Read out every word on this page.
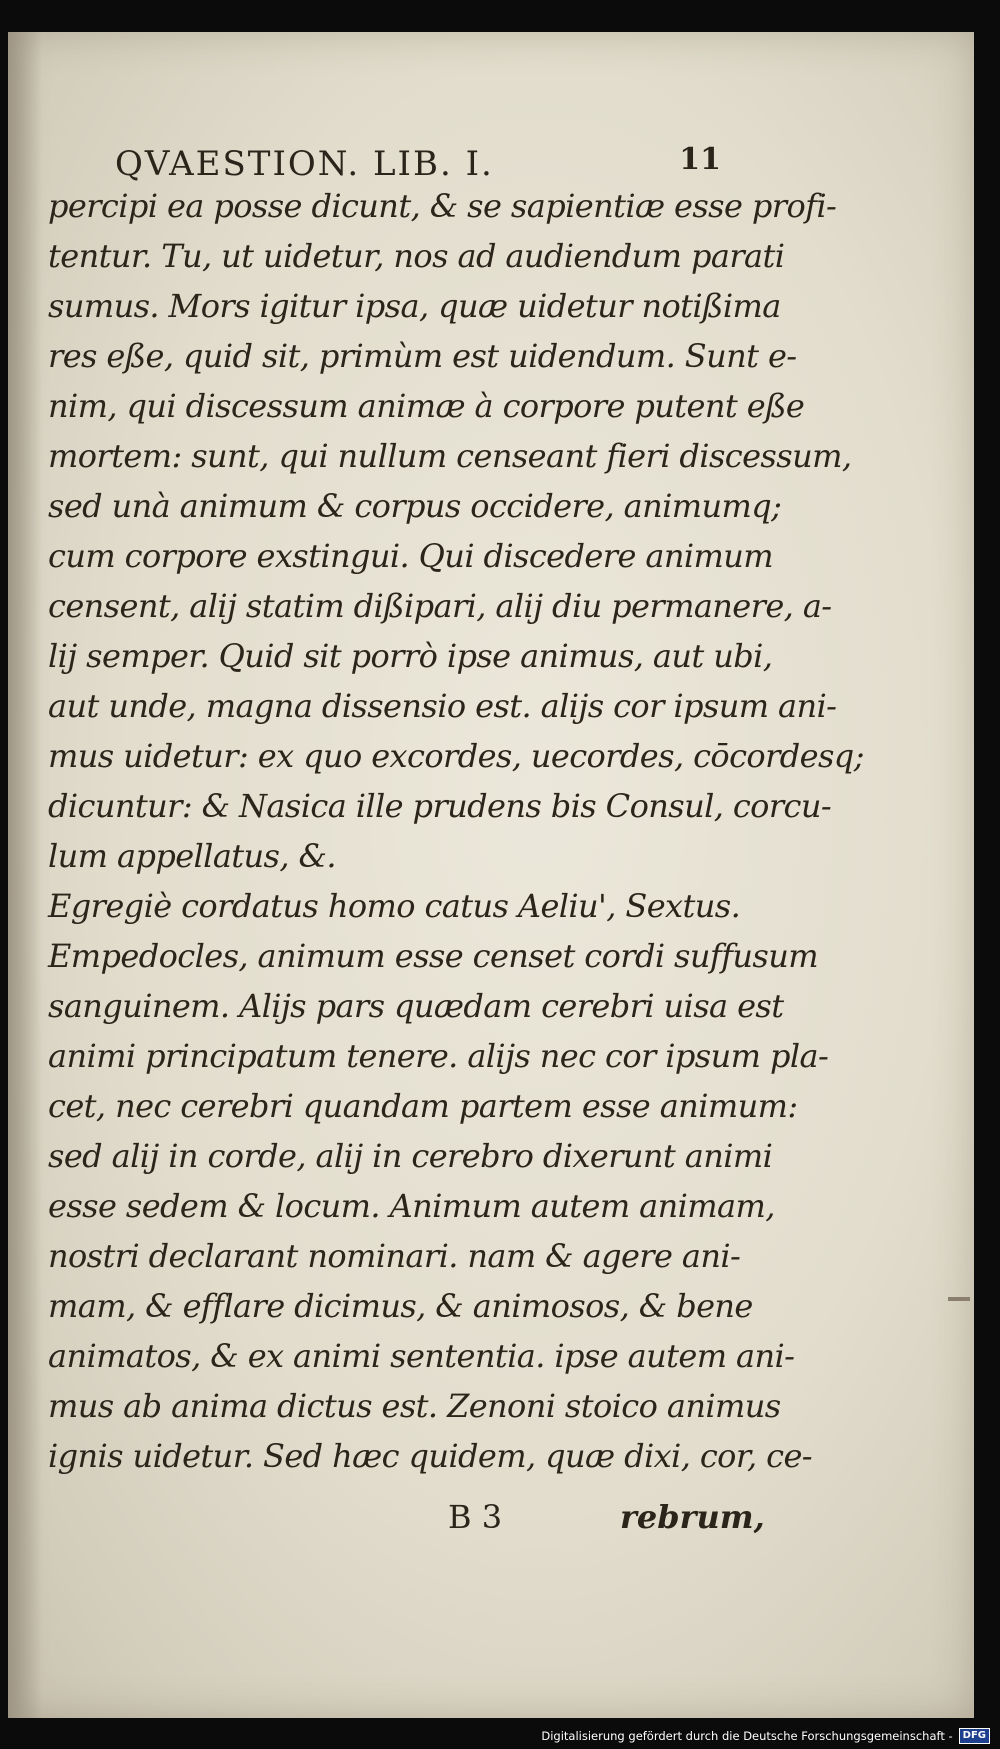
QVAESTION. LIB. I.	11
percipi ea posse dicunt, & se sapientiæ esse profi-
tentur. Tu, ut uidetur, nos ad audiendum parati
sumus. Mors igitur ipsa, quæ uidetur notißima
res eße, quid sit, primùm est uidendum. Sunt e-
nim, qui discessum animæ à corpore putent eße
mortem: sunt, qui nullum censeant fieri discessum,
sed unà animum & corpus occidere, animumq;
cum corpore exstingui. Qui discedere animum
censent, alij statim dißipari, alij diu permanere, a-
lij semper. Quid sit porrò ipse animus, aut ubi,
aut unde, magna dissensio est. alijs cor ipsum ani-
mus uidetur: ex quo excordes, uecordes, cōcordesq;
dicuntur: & Nasica ille prudens bis Consul, corcu-
lum appellatus, &.
Egregiè cordatus homo catus Aeliu', Sextus.
Empedocles, animum esse censet cordi suffusum
sanguinem. Alijs pars quædam cerebri uisa est
animi principatum tenere. alijs nec cor ipsum pla-
cet, nec cerebri quandam partem esse animum:
sed alij in corde, alij in cerebro dixerunt animi
esse sedem & locum. Animum autem animam,
nostri declarant nominari. nam & agere ani-
mam, & efflare dicimus, & animosos, & bene
animatos, & ex animi sententia. ipse autem ani-
mus ab anima dictus est. Zenoni stoico animus
ignis uidetur. Sed hæc quidem, quæ dixi, cor, ce-
B 3	rebrum,
Digitalisierung gefördert durch die Deutsche Forschungsgemeinschaft -	DFG
